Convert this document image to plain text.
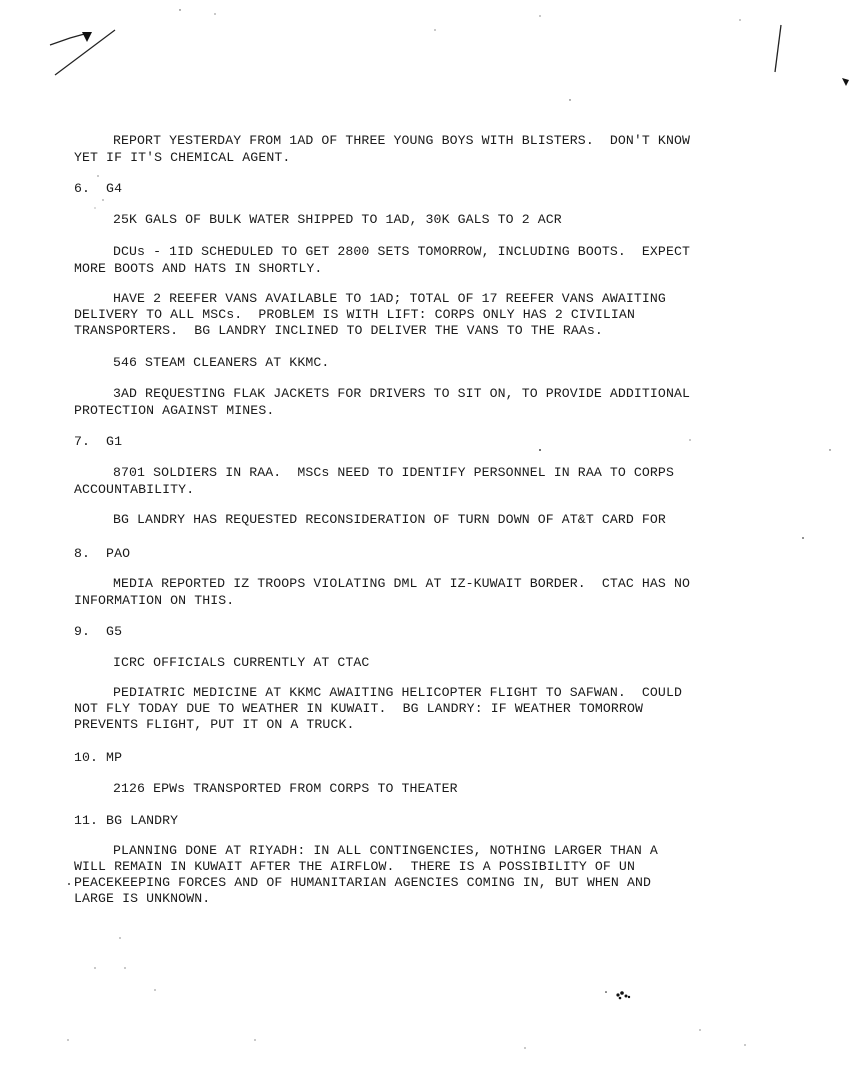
REPORT YESTERDAY FROM 1AD OF THREE YOUNG BOYS WITH BLISTERS.  DON'T KNOW
YET IF IT'S CHEMICAL AGENT.
6.  G4
25K GALS OF BULK WATER SHIPPED TO 1AD, 30K GALS TO 2 ACR
DCUs - 1ID SCHEDULED TO GET 2800 SETS TOMORROW, INCLUDING BOOTS.  EXPECT
MORE BOOTS AND HATS IN SHORTLY.
HAVE 2 REEFER VANS AVAILABLE TO 1AD; TOTAL OF 17 REEFER VANS AWAITING
DELIVERY TO ALL MSCs.  PROBLEM IS WITH LIFT: CORPS ONLY HAS 2 CIVILIAN
TRANSPORTERS.  BG LANDRY INCLINED TO DELIVER THE VANS TO THE RAAs.
546 STEAM CLEANERS AT KKMC.
3AD REQUESTING FLAK JACKETS FOR DRIVERS TO SIT ON, TO PROVIDE ADDITIONAL
PROTECTION AGAINST MINES.
7.  G1
8701 SOLDIERS IN RAA.  MSCs NEED TO IDENTIFY PERSONNEL IN RAA TO CORPS
ACCOUNTABILITY.
BG LANDRY HAS REQUESTED RECONSIDERATION OF TURN DOWN OF AT&T CARD FOR
8.  PAO
MEDIA REPORTED IZ TROOPS VIOLATING DML AT IZ-KUWAIT BORDER.  CTAC HAS NO
INFORMATION ON THIS.
9.  G5
ICRC OFFICIALS CURRENTLY AT CTAC
PEDIATRIC MEDICINE AT KKMC AWAITING HELICOPTER FLIGHT TO SAFWAN.  COULD
NOT FLY TODAY DUE TO WEATHER IN KUWAIT.  BG LANDRY: IF WEATHER TOMORROW
PREVENTS FLIGHT, PUT IT ON A TRUCK.
10. MP
2126 EPWs TRANSPORTED FROM CORPS TO THEATER
11. BG LANDRY
PLANNING DONE AT RIYADH: IN ALL CONTINGENCIES, NOTHING LARGER THAN A
WILL REMAIN IN KUWAIT AFTER THE AIRFLOW.  THERE IS A POSSIBILITY OF UN
PEACEKEEPING FORCES AND OF HUMANITARIAN AGENCIES COMING IN, BUT WHEN AND
LARGE IS UNKNOWN.
